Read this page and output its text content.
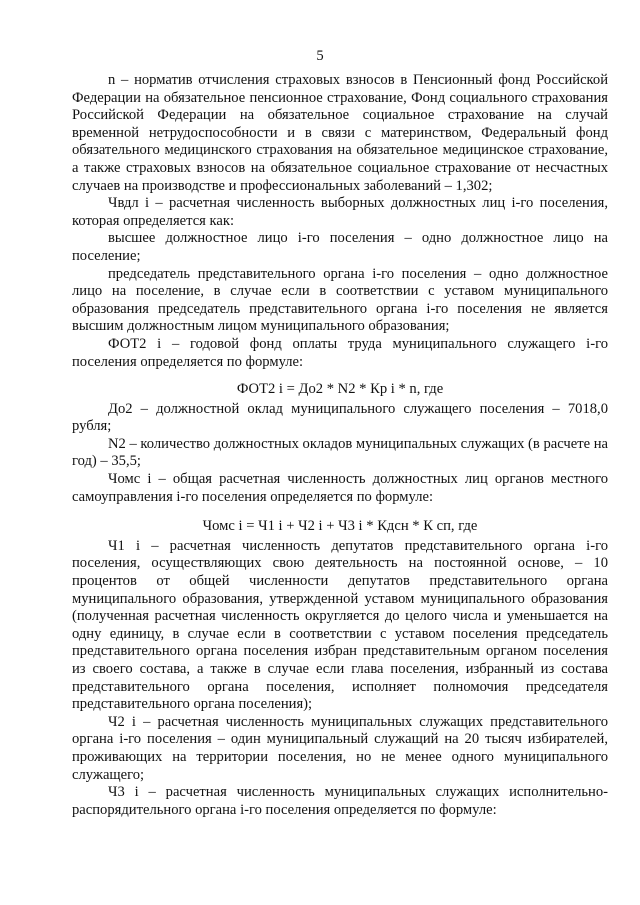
5

n – норматив отчисления страховых взносов в Пенсионный фонд Российской Федерации на обязательное пенсионное страхование, Фонд социального страхования Российской Федерации на обязательное социальное страхование на случай временной нетрудоспособности и в связи с материнством, Федеральный фонд обязательного медицинского страхования на обязательное медицинское страхование, а также страховых взносов на обязательное социальное страхование от несчастных случаев на производстве и профессиональных заболеваний – 1,302;

Чвдл i – расчетная численность выборных должностных лиц i-го поселения, которая определяется как:

высшее должностное лицо i-го поселения – одно должностное лицо на поселение;

председатель представительного органа i-го поселения – одно должностное лицо на поселение, в случае если в соответствии с уставом муниципального образования председатель представительного органа i-го поселения не является высшим должностным лицом муниципального образования;

ФОТ2 i – годовой фонд оплаты труда муниципального служащего i-го поселения определяется по формуле:

ФОТ2 i = До2 * N2 * Кр i * n, где

До2 – должностной оклад муниципального служащего поселения – 7018,0 рубля;

N2 – количество должностных окладов муниципальных служащих (в расчете на год) – 35,5;

Чомс i – общая расчетная численность должностных лиц органов местного самоуправления i-го поселения определяется по формуле:

Чомс i = Ч1 i + Ч2 i + Ч3 i * Кдсн * К сп, где

Ч1 i – расчетная численность депутатов представительного органа i-го поселения, осуществляющих свою деятельность на постоянной основе, – 10 процентов от общей численности депутатов представительного органа муниципального образования, утвержденной уставом муниципального образования (полученная расчетная численность округляется до целого числа и уменьшается на одну единицу, в случае если в соответствии с уставом поселения председатель представительного органа поселения избран представительным органом поселения из своего состава, а также в случае если глава поселения, избранный из состава представительного органа поселения, исполняет полномочия председателя представительного органа поселения);

Ч2 i – расчетная численность муниципальных служащих представительного органа i-го поселения – один муниципальный служащий на 20 тысяч избирателей, проживающих на территории поселения, но не менее одного муниципального служащего;

Ч3 i – расчетная численность муниципальных служащих исполнительно-распорядительного органа i-го поселения определяется по формуле:
